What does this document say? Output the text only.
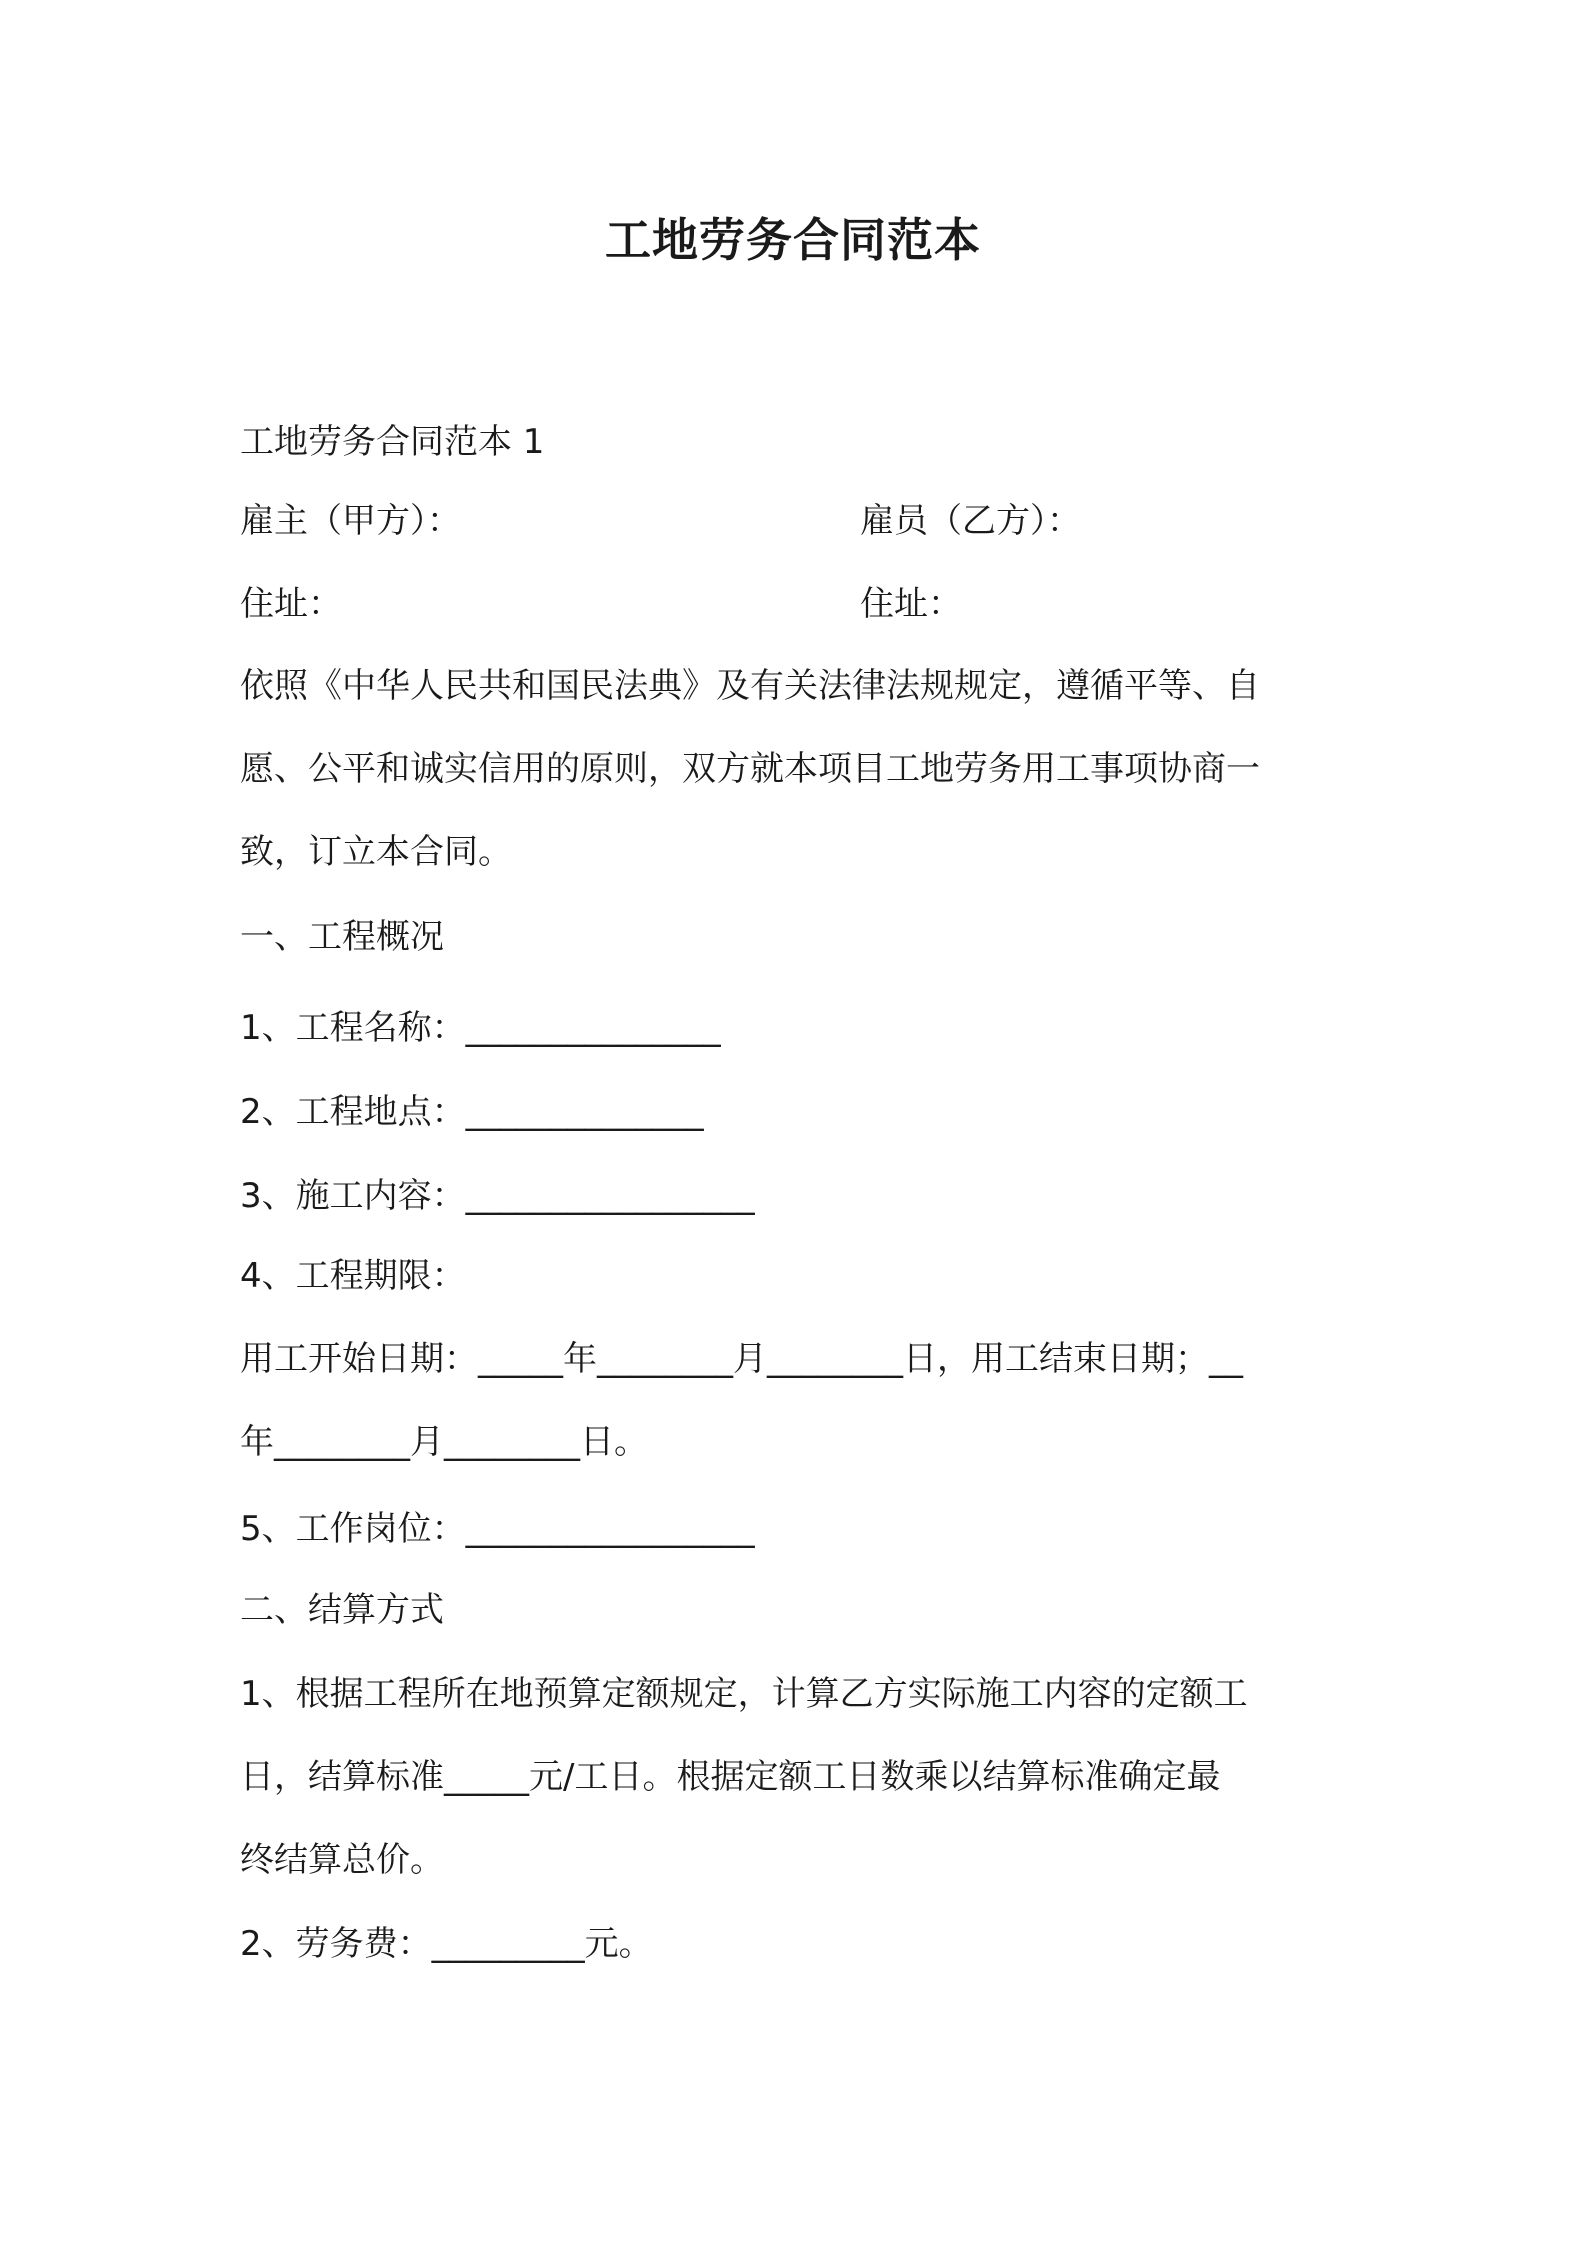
工地劳务合同范本
工地劳务合同范本 1
雇主（甲方）：	雇员（乙方）：
住址：	住址：
依照《中华人民共和国民法典》及有关法律法规规定，遵循平等、自
愿、公平和诚实信用的原则，双方就本项目工地劳务用工事项协商一
致，订立本合同。
一、工程概况
1、工程名称：_______________
2、工程地点：______________
3、施工内容：_________________
4、工程期限：
用工开始日期：_____年________月________日，用工结束日期；__
年________月________日。
5、工作岗位：_________________
二、结算方式
1、根据工程所在地预算定额规定，计算乙方实际施工内容的定额工
日，结算标准_____元/工日。根据定额工日数乘以结算标准确定最
终结算总价。
2、劳务费：_________元。
